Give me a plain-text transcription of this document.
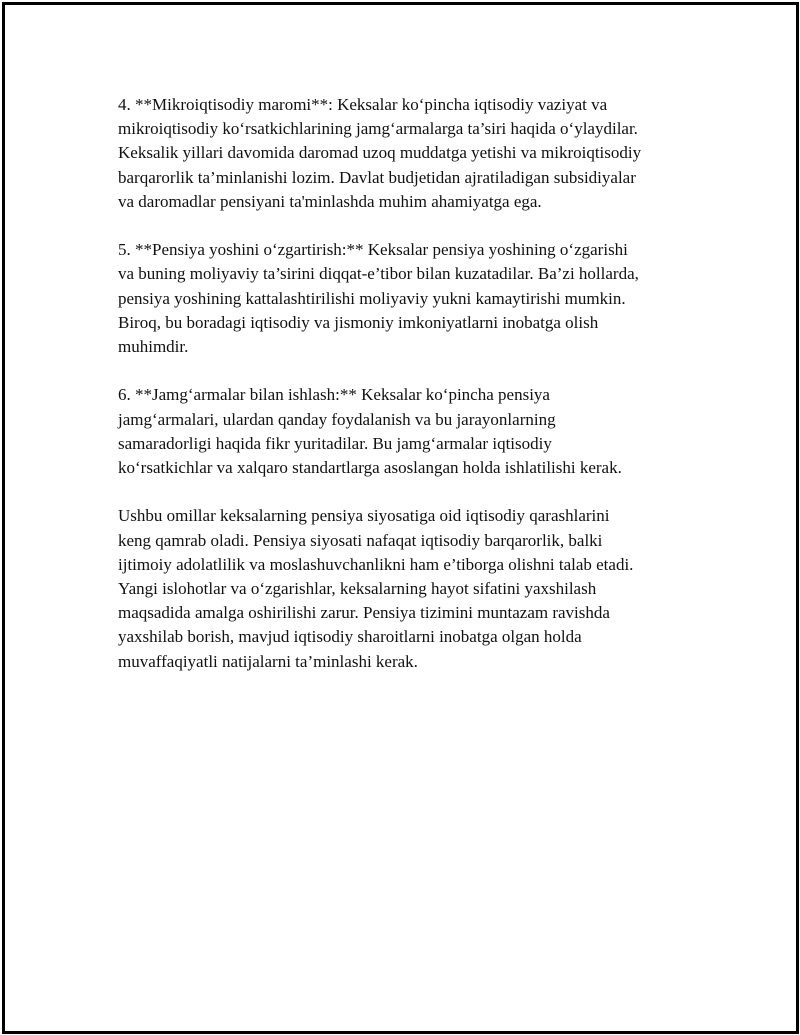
4. **Mikroiqtisodiy maromi**: Keksalar ko‘pincha iqtisodiy vaziyat va
mikroiqtisodiy ko‘rsatkichlarining jamg‘armalarga ta’siri haqida o‘ylaydilar.
Keksalik yillari davomida daromad uzoq muddatga yetishi va mikroiqtisodiy
barqarorlik ta’minlanishi lozim. Davlat budjetidan ajratiladigan subsidiyalar
va daromadlar pensiyani ta'minlashda muhim ahamiyatga ega.

5. **Pensiya yoshini o‘zgartirish:** Keksalar pensiya yoshining o‘zgarishi
va buning moliyaviy ta’sirini diqqat-e’tibor bilan kuzatadilar. Ba’zi hollarda,
pensiya yoshining kattalashtirilishi moliyaviy yukni kamaytirishi mumkin.
Biroq, bu boradagi iqtisodiy va jismoniy imkoniyatlarni inobatga olish
muhimdir.

6. **Jamg‘armalar bilan ishlash:** Keksalar ko‘pincha pensiya
jamg‘armalari, ulardan qanday foydalanish va bu jarayonlarning
samaradorligi haqida fikr yuritadilar. Bu jamg‘armalar iqtisodiy
ko‘rsatkichlar va xalqaro standartlarga asoslangan holda ishlatilishi kerak.

Ushbu omillar keksalarning pensiya siyosatiga oid iqtisodiy qarashlarini
keng qamrab oladi. Pensiya siyosati nafaqat iqtisodiy barqarorlik, balki
ijtimoiy adolatlilik va moslashuvchanlikni ham e’tiborga olishni talab etadi.
Yangi islohotlar va o‘zgarishlar, keksalarning hayot sifatini yaxshilash
maqsadida amalga oshirilishi zarur. Pensiya tizimini muntazam ravishda
yaxshilab borish, mavjud iqtisodiy sharoitlarni inobatga olgan holda
muvaffaqiyatli natijalarni ta’minlashi kerak.
